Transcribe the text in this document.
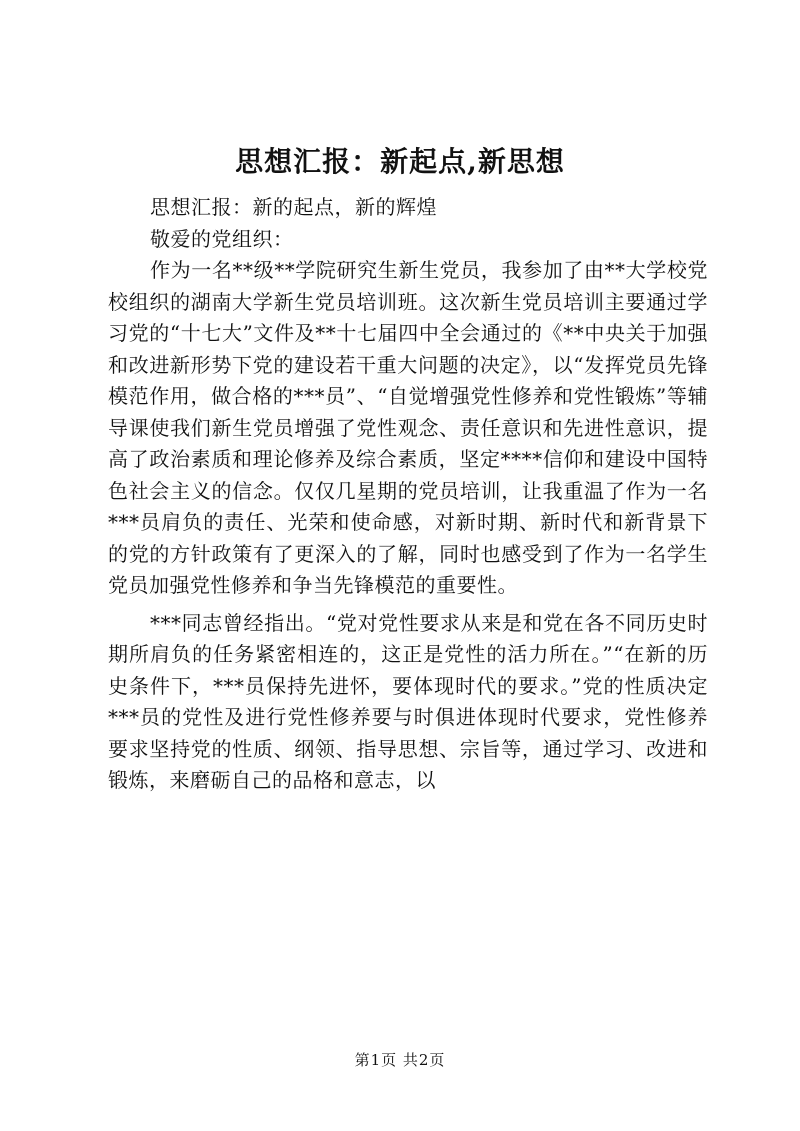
思想汇报：新起点,新思想

思想汇报：新的起点，新的辉煌

敬爱的党组织：

作为一名**级**学院研究生新生党员，我参加了由**大学校党校组织的湖南大学新生党员培训班。这次新生党员培训主要通过学习党的“十七大”文件及**十七届四中全会通过的《**中央关于加强和改进新形势下党的建设若干重大问题的决定》，以“发挥党员先锋模范作用，做合格的***员”、“自觉增强党性修养和党性锻炼”等辅导课使我们新生党员增强了党性观念、责任意识和先进性意识，提高了政治素质和理论修养及综合素质，坚定****信仰和建设中国特色社会主义的信念。仅仅几星期的党员培训，让我重温了作为一名***员肩负的责任、光荣和使命感，对新时期、新时代和新背景下的党的方针政策有了更深入的了解，同时也感受到了作为一名学生党员加强党性修养和争当先锋模范的重要性。

***同志曾经指出。“党对党性要求从来是和党在各不同历史时期所肩负的任务紧密相连的，这正是党性的活力所在。”“在新的历史条件下，***员保持先进怀，要体现时代的要求。”党的性质决定***员的党性及进行党性修养要与时俱进体现时代要求，党性修养要求坚持党的性质、纲领、指导思想、宗旨等，通过学习、改进和锻炼，来磨砺自己的品格和意志，以

第1页 共2页
